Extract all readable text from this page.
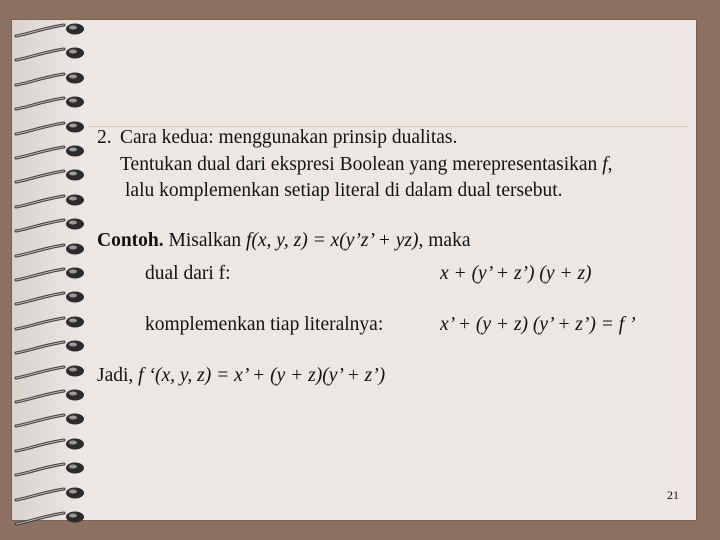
2. Cara kedua: menggunakan prinsip dualitas.
Tentukan dual dari ekspresi Boolean yang merepresentasikan f,
lalu komplemenkan setiap literal di dalam dual tersebut.
Contoh. Misalkan f(x, y, z) = x(y’z’ + yz), maka
dual dari f:	x + (y’ + z’) (y + z)
komplemenkan tiap literalnya:	x’ + (y + z) (y’ + z’) = f ’
Jadi, f ‘(x, y, z) = x’ + (y + z)(y’ + z’)
21
